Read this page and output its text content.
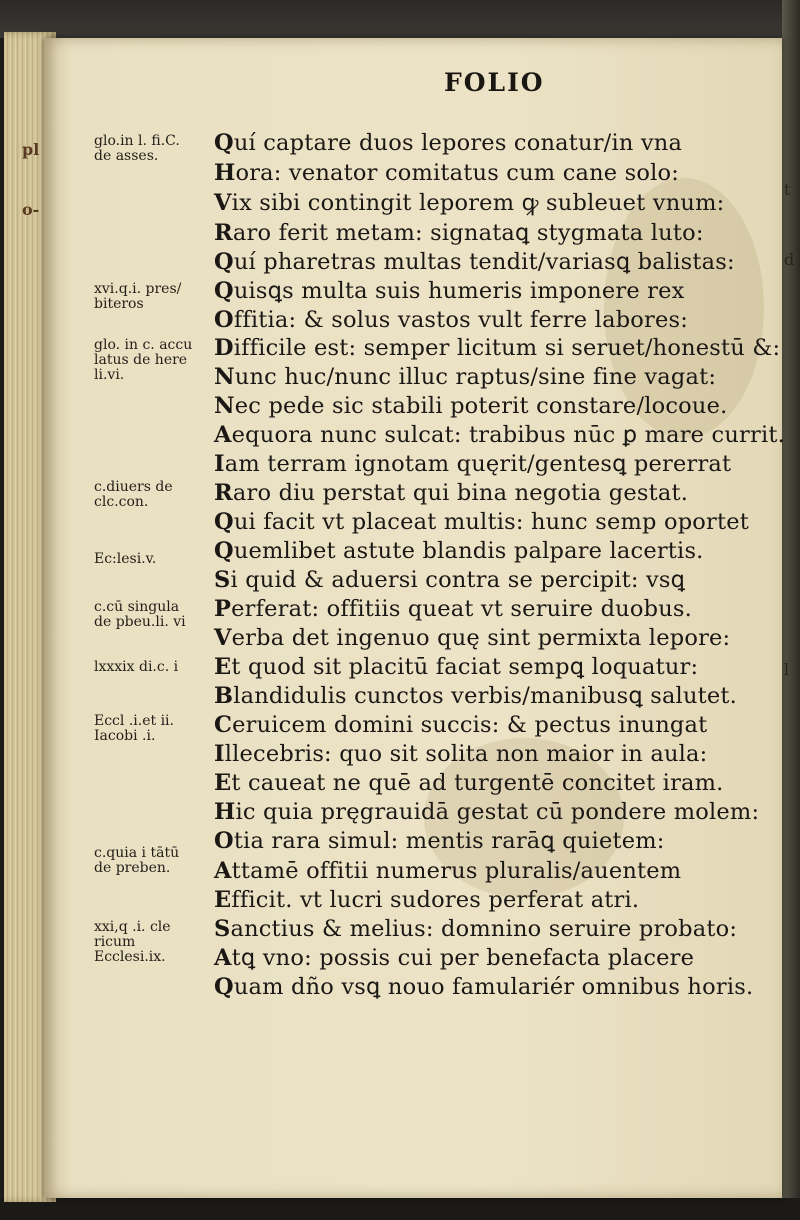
pl
o-
t
d
l
FOLIO
Quí captare duos lepores conatur/in vna
Hora: venator comitatus cum cane solo:
Vix sibi contingit leporem ꝙ subleuet vnum:
Raro ferit metam: signataꝗ stygmata luto:
Quí pharetras multas tendit/variasꝗ balistas:
Quisꝗs multa suis humeris imponere rex
Offitia: & solus vastos vult ferre labores:
Difficile est: semper licitum si seruet/honestū &:
Nunc huc/nunc illuc raptus/sine fine vagat:
Nec pede sic stabili poterit constare/locoue.
Aequora nunc sulcat: trabibus nūc ꝑ mare currit.
Iam terram ignotam quęrit/gentesꝗ pererrat
Raro diu perstat qui bina negotia gestat.
Qui facit vt placeat multis: hunc semp oportet
Quemlibet astute blandis palpare lacertis.
Si quid & aduersi contra se percipit: vsꝗ
Perferat: offitiis queat vt seruire duobus.
Verba det ingenuo quę sint permixta lepore:
Et quod sit placitū faciat sempꝗ loquatur:
Blandidulis cunctos verbis/manibusꝗ salutet.
Ceruicem domini succis: & pectus inungat
Illecebris: quo sit solita non maior in aula:
Et caueat ne quē ad turgentē concitet iram.
Hic quia pręgrauidā gestat cū pondere molem:
Otia rara simul: mentis rarāꝗ quietem:
Attamē offitii numerus pluralis/auentem
Efficit. vt lucri sudores perferat atri.
Sanctius & melius: domnino seruire probato:
Atꝗ vno: possis cui per benefacta placere
Quam dño vsꝗ nouo famulariér omnibus horis.
glo.in l. fi.C.
de asses.
xvi.q.i. pres/
biteros
glo. in c. accu
latus de here
li.vi.
c.diuers de
clc.con.
Ec:lesi.v.
c.cū singula
de pbeu.li. vi
lxxxix di.c. i
Eccl .i.et ii.
Iacobi .i.
c.quia i tātū
de preben.
xxi,q .i. cle
ricum
Ecclesi.ix.
